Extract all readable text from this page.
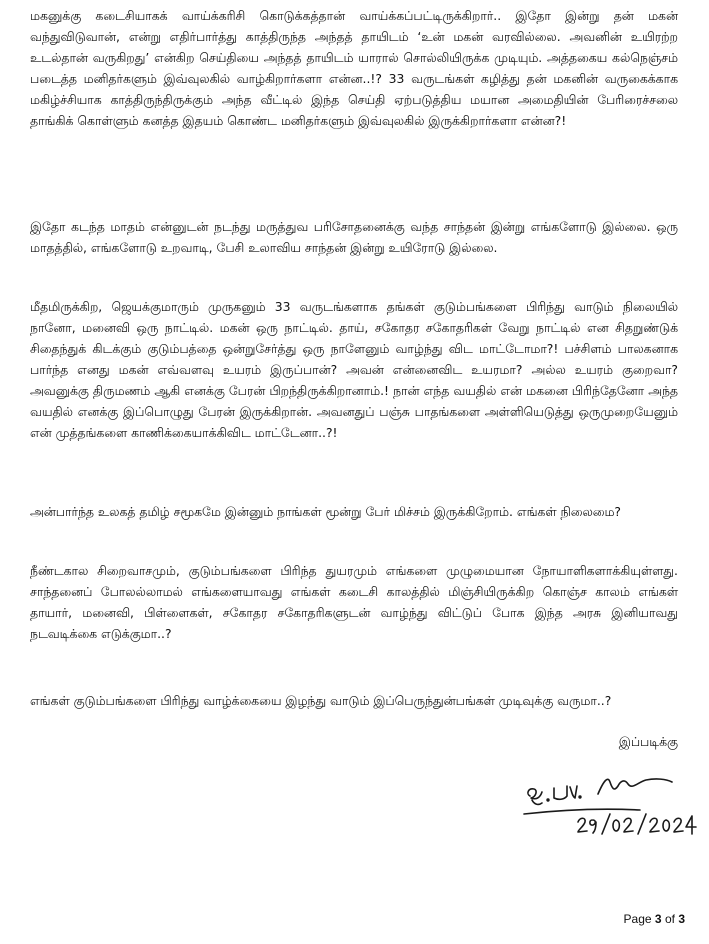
மகனுக்கு கடைசியாகக் வாய்க்கரிசி கொடுக்கத்தான் வாய்க்கப்பட்டிருக்கிறார்.. இதோ இன்று தன் மகன் வந்துவிடுவான், என்று எதிர்பார்த்து காத்திருந்த அந்தத் தாயிடம் ‘உன் மகன் வரவில்லை. அவனின் உயிரற்ற உடல்தான் வருகிறது’ என்கிற செய்தியை அந்தத் தாயிடம் யாரால் சொல்லியிருக்க முடியும். அத்தகைய கல்நெஞ்சம் படைத்த மனிதர்களும் இவ்வுலகில் வாழ்கிறார்களா என்ன..!? 33 வருடங்கள் கழித்து தன் மகனின் வருகைக்காக மகிழ்ச்சியாக காத்திருந்திருக்கும் அந்த வீட்டில் இந்த செய்தி ஏற்படுத்திய மயான அமைதியின் பேரிரைச்சலை தாங்கிக் கொள்ளும் கனத்த இதயம் கொண்ட மனிதர்களும் இவ்வுலகில் இருக்கிறார்களா என்ன?!

இதோ கடந்த மாதம் என்னுடன் நடந்து மருத்துவ பரிசோதனைக்கு வந்த சாந்தன் இன்று எங்களோடு இல்லை. ஒரு மாதத்தில், எங்களோடு உறவாடி, பேசி உலாவிய சாந்தன் இன்று உயிரோடு இல்லை.

மீதமிருக்கிற, ஜெயக்குமாரும் முருகனும் 33 வருடங்களாக தங்கள் குடும்பங்களை பிரிந்து வாடும் நிலையில் நானோ, மனைவி ஒரு நாட்டில். மகன் ஒரு நாட்டில். தாய், சகோதர சகோதரிகள் வேறு நாட்டில் என சிதறுண்டுக் சிதைந்துக் கிடக்கும் குடும்பத்தை ஒன்றுசேர்த்து ஒரு நாளேனும் வாழ்ந்து விட மாட்டோமா?! பச்சிளம் பாலகனாக பார்ந்த எனது மகன் எவ்வளவு உயரம் இருப்பான்? அவன் என்னைவிட உயரமா? அல்ல உயரம் குறைவா? அவனுக்கு திருமணம் ஆகி எனக்கு பேரன் பிறந்திருக்கிறானாம்.! நான் எந்த வயதில் என் மகனை பிரிந்தேனோ அந்த வயதில் எனக்கு இப்பொழுது பேரன் இருக்கிறான். அவனதுப் பஞ்சு பாதங்களை அள்ளியெடுத்து ஒருமுறையேனும் என் முத்தங்களை காணிக்கையாக்கிவிட மாட்டேனா..?!

அன்பார்ந்த உலகத் தமிழ் சமூகமே இன்னும் நாங்கள் மூன்று பேர் மிச்சம் இருக்கிறோம். எங்கள் நிலைமை?

நீண்டகால சிறைவாசமும், குடும்பங்களை பிரிந்த துயரமும் எங்களை முழுமையான நோயாளிகளாக்கியுள்ளது. சாந்தனைப் போலல்லாமல் எங்களையாவது எங்கள் கடைசி காலத்தில் மிஞ்சியிருக்கிற கொஞ்ச காலம் எங்கள் தாயார், மனைவி, பிள்ளைகள், சகோதர சகோதரிகளுடன் வாழ்ந்து விட்டுப் போக இந்த அரசு இனியாவது நடவடிக்கை எடுக்குமா..?

எங்கள் குடும்பங்களை பிரிந்து வாழ்க்கையை இழந்து வாடும் இப்பெருந்துன்பங்கள் முடிவுக்கு வருமா..?

இப்படிக்கு
Page 3 of 3
